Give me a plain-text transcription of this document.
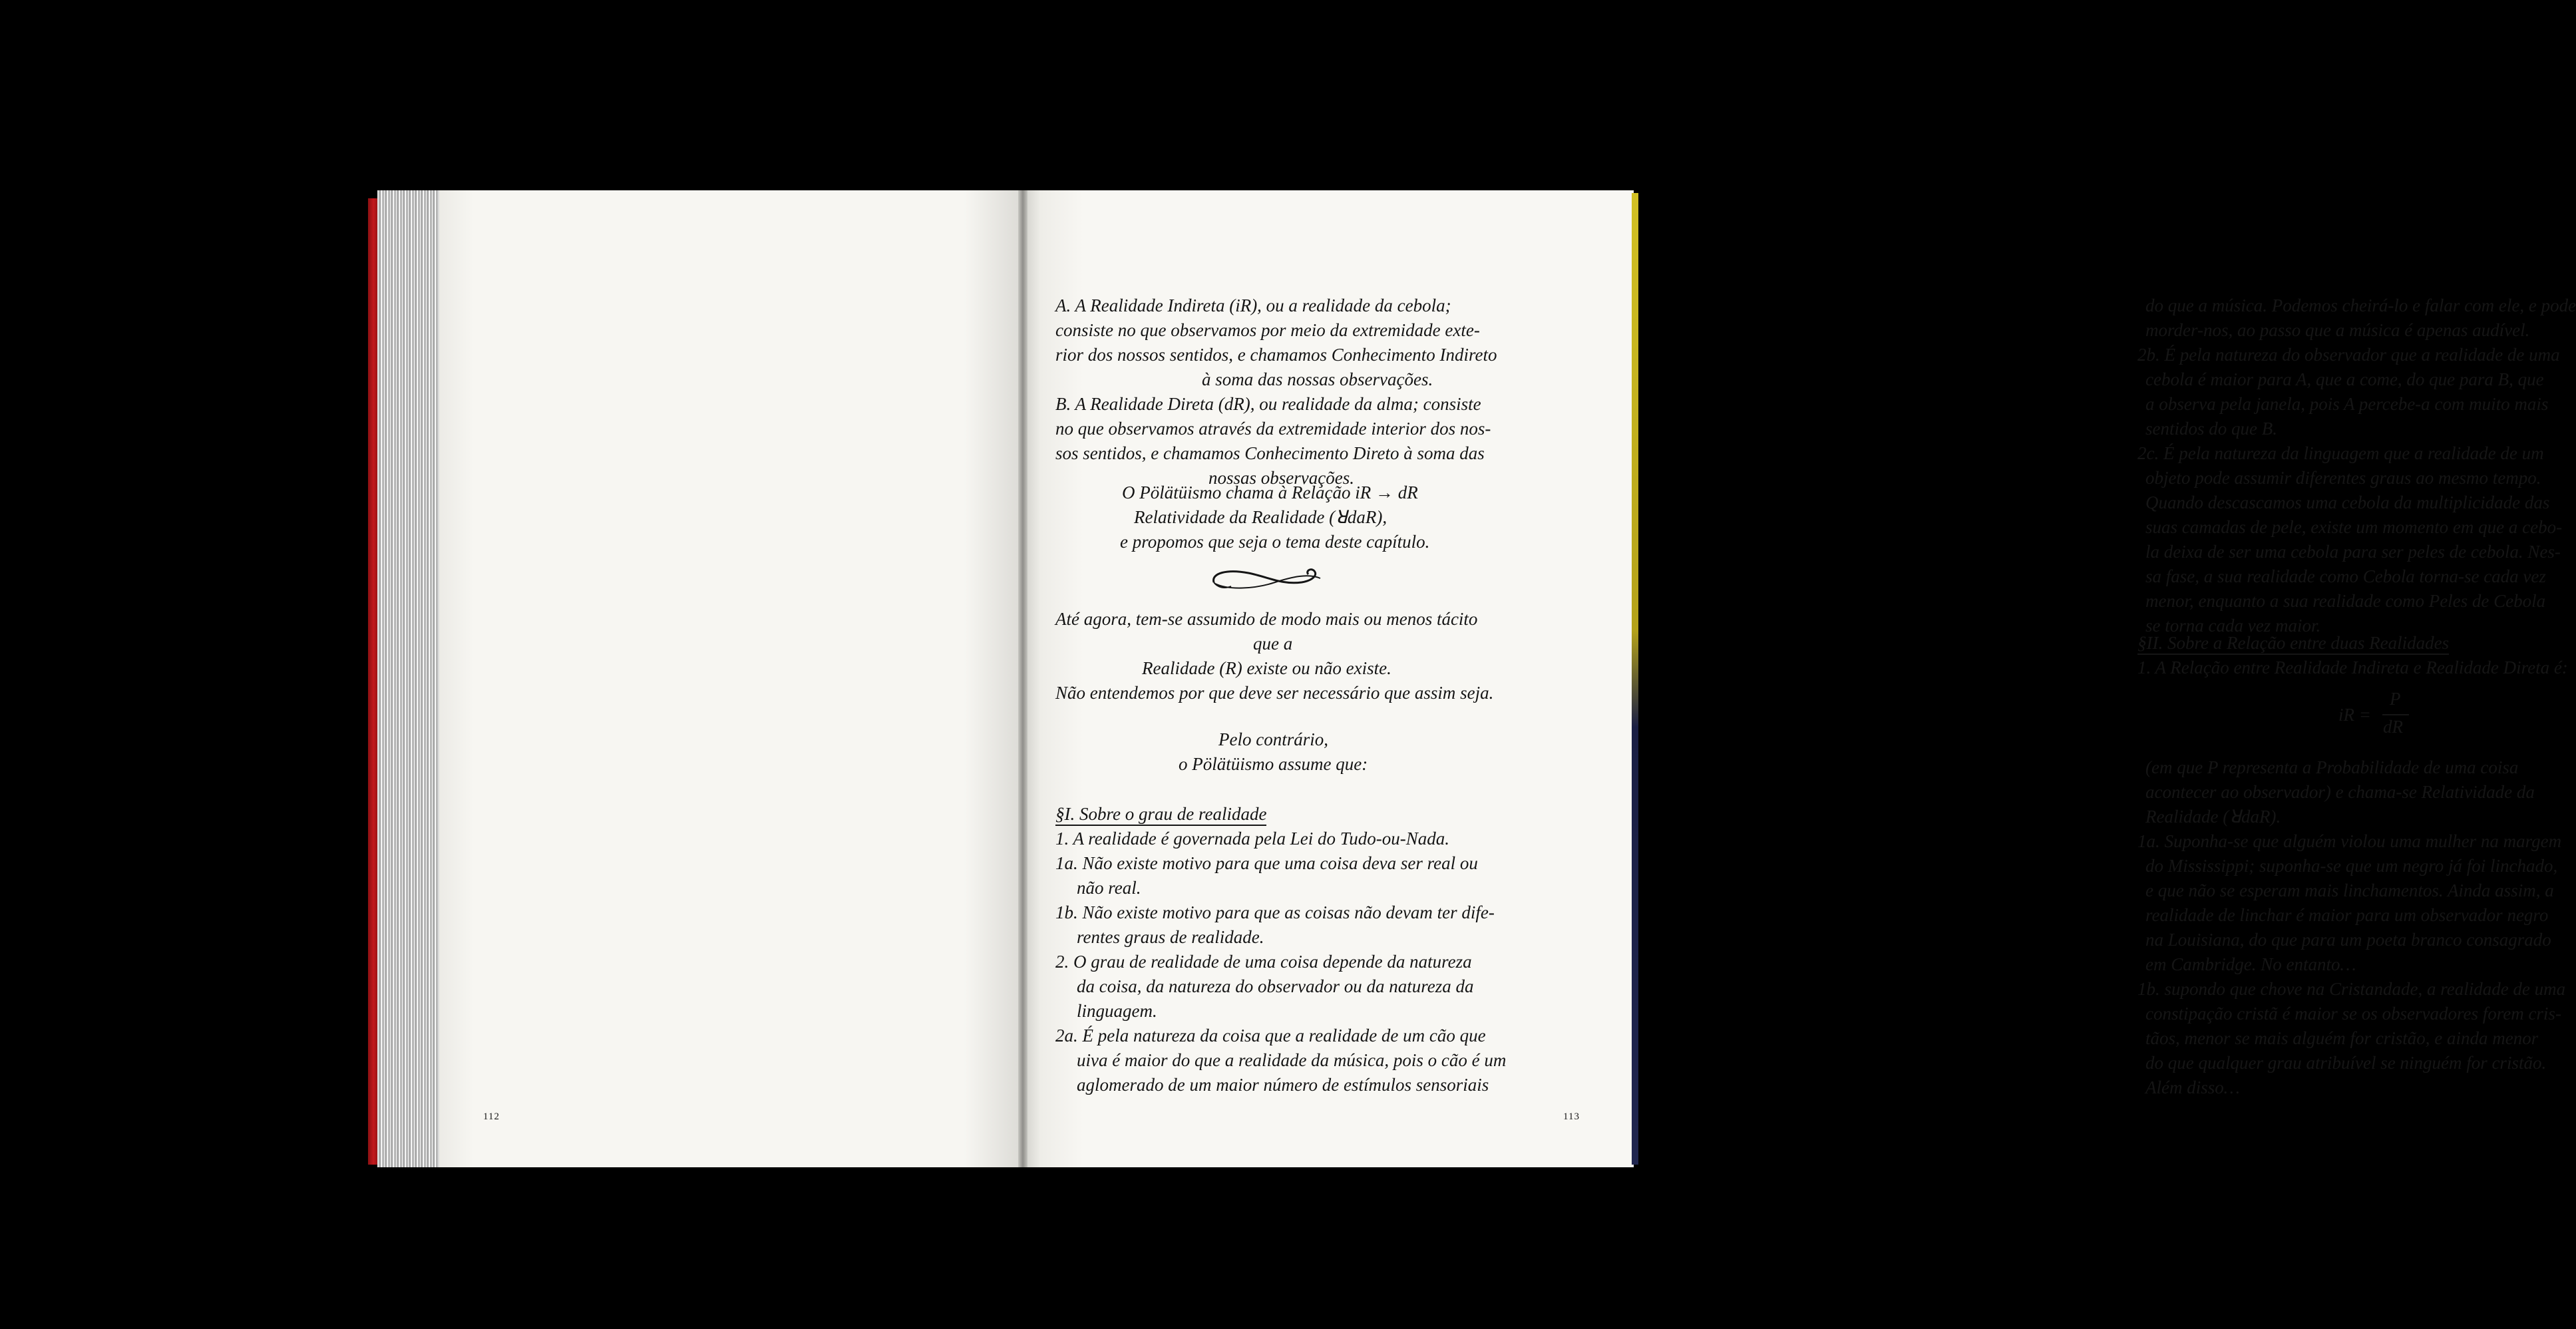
A. A Realidade Indireta (iR), ou a realidade da cebola;
consiste no que observamos por meio da extremidade exte-
rior dos nossos sentidos, e chamamos Conhecimento Indireto
à soma das nossas observações.
B. A Realidade Direta (dR), ou realidade da alma; consiste
no que observamos através da extremidade interior dos nos-
sos sentidos, e chamamos Conhecimento Direto à soma das
nossas observações.
O Pölätüismo chama à Relação iR → dR
Relatividade da Realidade (ꓤdaR),
e propomos que seja o tema deste capítulo.
Até agora, tem-se assumido de modo mais ou menos tácito
que a
Realidade (R) existe ou não existe.
Não entendemos por que deve ser necessário que assim seja.
Pelo contrário,
o Pölätüismo assume que:
§I. Sobre o grau de realidade
1. A realidade é governada pela Lei do Tudo-ou-Nada.
1a. Não existe motivo para que uma coisa deva ser real ou
não real.
1b. Não existe motivo para que as coisas não devam ter dife-
rentes graus de realidade.
2. O grau de realidade de uma coisa depende da natureza
da coisa, da natureza do observador ou da natureza da
linguagem.
2a. É pela natureza da coisa que a realidade de um cão que
uiva é maior do que a realidade da música, pois o cão é um
aglomerado de um maior número de estímulos sensoriais
112
do que a música. Podemos cheirá-lo e falar com ele, e pode
morder-nos, ao passo que a música é apenas audível.
2b. É pela natureza do observador que a realidade de uma
cebola é maior para A, que a come, do que para B, que
a observa pela janela, pois A percebe-a com muito mais
sentidos do que B.
2c. É pela natureza da linguagem que a realidade de um
objeto pode assumir diferentes graus ao mesmo tempo.
Quando descascamos uma cebola da multiplicidade das
suas camadas de pele, existe um momento em que a cebo-
la deixa de ser uma cebola para ser peles de cebola. Nes-
sa fase, a sua realidade como Cebola torna-se cada vez
menor, enquanto a sua realidade como Peles de Cebola
se torna cada vez maior.
§II. Sobre a Relação entre duas Realidades
1. A Relação entre Realidade Indireta e Realidade Direta é:
iR =
P
dR
(em que P representa a Probabilidade de uma coisa
acontecer ao observador) e chama-se Relatividade da
Realidade (ꓤdaR).
1a. Suponha-se que alguém violou uma mulher na margem
do Mississippi; suponha-se que um negro já foi linchado,
e que não se esperam mais linchamentos. Ainda assim, a
realidade de linchar é maior para um observador negro
na Louisiana, do que para um poeta branco consagrado
em Cambridge. No entanto…
1b. supondo que chove na Cristandade, a realidade de uma
constipação cristã é maior se os observadores forem cris-
tãos, menor se mais alguém for cristão, e ainda menor
do que qualquer grau atribuível se ninguém for cristão.
Além disso…
113
